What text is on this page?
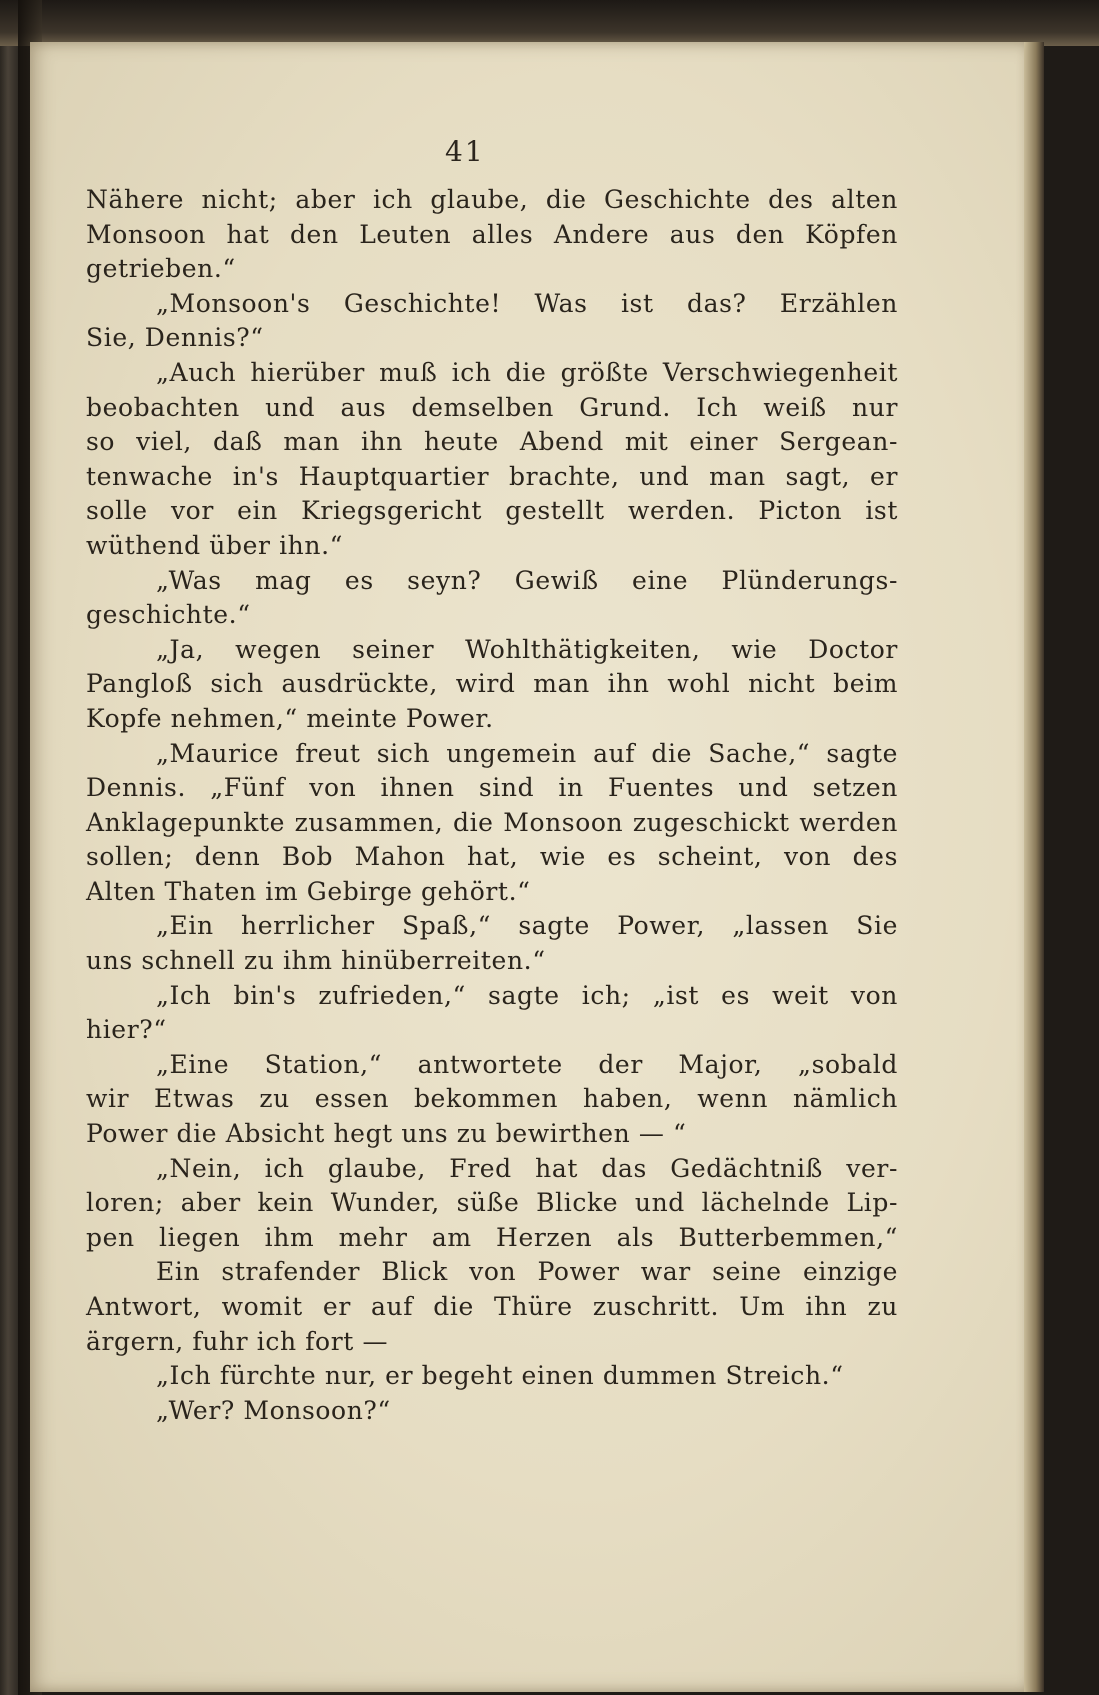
41
Nähere nicht; aber ich glaube, die Geschichte des alten
Monsoon hat den Leuten alles Andere aus den Köpfen
getrieben.“
„Monsoon's Geschichte! Was ist das? Erzählen
Sie, Dennis?“
„Auch hierüber muß ich die größte Verschwiegenheit
beobachten und aus demselben Grund. Ich weiß nur
so viel, daß man ihn heute Abend mit einer Sergean-
tenwache in's Hauptquartier brachte, und man sagt, er
solle vor ein Kriegsgericht gestellt werden. Picton ist
wüthend über ihn.“
„Was mag es seyn? Gewiß eine Plünderungs-
geschichte.“
„Ja, wegen seiner Wohlthätigkeiten, wie Doctor
Pangloß sich ausdrückte, wird man ihn wohl nicht beim
Kopfe nehmen,“ meinte Power.
„Maurice freut sich ungemein auf die Sache,“ sagte
Dennis. „Fünf von ihnen sind in Fuentes und setzen
Anklagepunkte zusammen, die Monsoon zugeschickt werden
sollen; denn Bob Mahon hat, wie es scheint, von des
Alten Thaten im Gebirge gehört.“
„Ein herrlicher Spaß,“ sagte Power, „lassen Sie
uns schnell zu ihm hinüberreiten.“
„Ich bin's zufrieden,“ sagte ich; „ist es weit von
hier?“
„Eine Station,“ antwortete der Major, „sobald
wir Etwas zu essen bekommen haben, wenn nämlich
Power die Absicht hegt uns zu bewirthen — “
„Nein, ich glaube, Fred hat das Gedächtniß ver-
loren; aber kein Wunder, süße Blicke und lächelnde Lip-
pen liegen ihm mehr am Herzen als Butterbemmen,“
Ein strafender Blick von Power war seine einzige
Antwort, womit er auf die Thüre zuschritt. Um ihn zu
ärgern, fuhr ich fort —
„Ich fürchte nur, er begeht einen dummen Streich.“
„Wer? Monsoon?“
